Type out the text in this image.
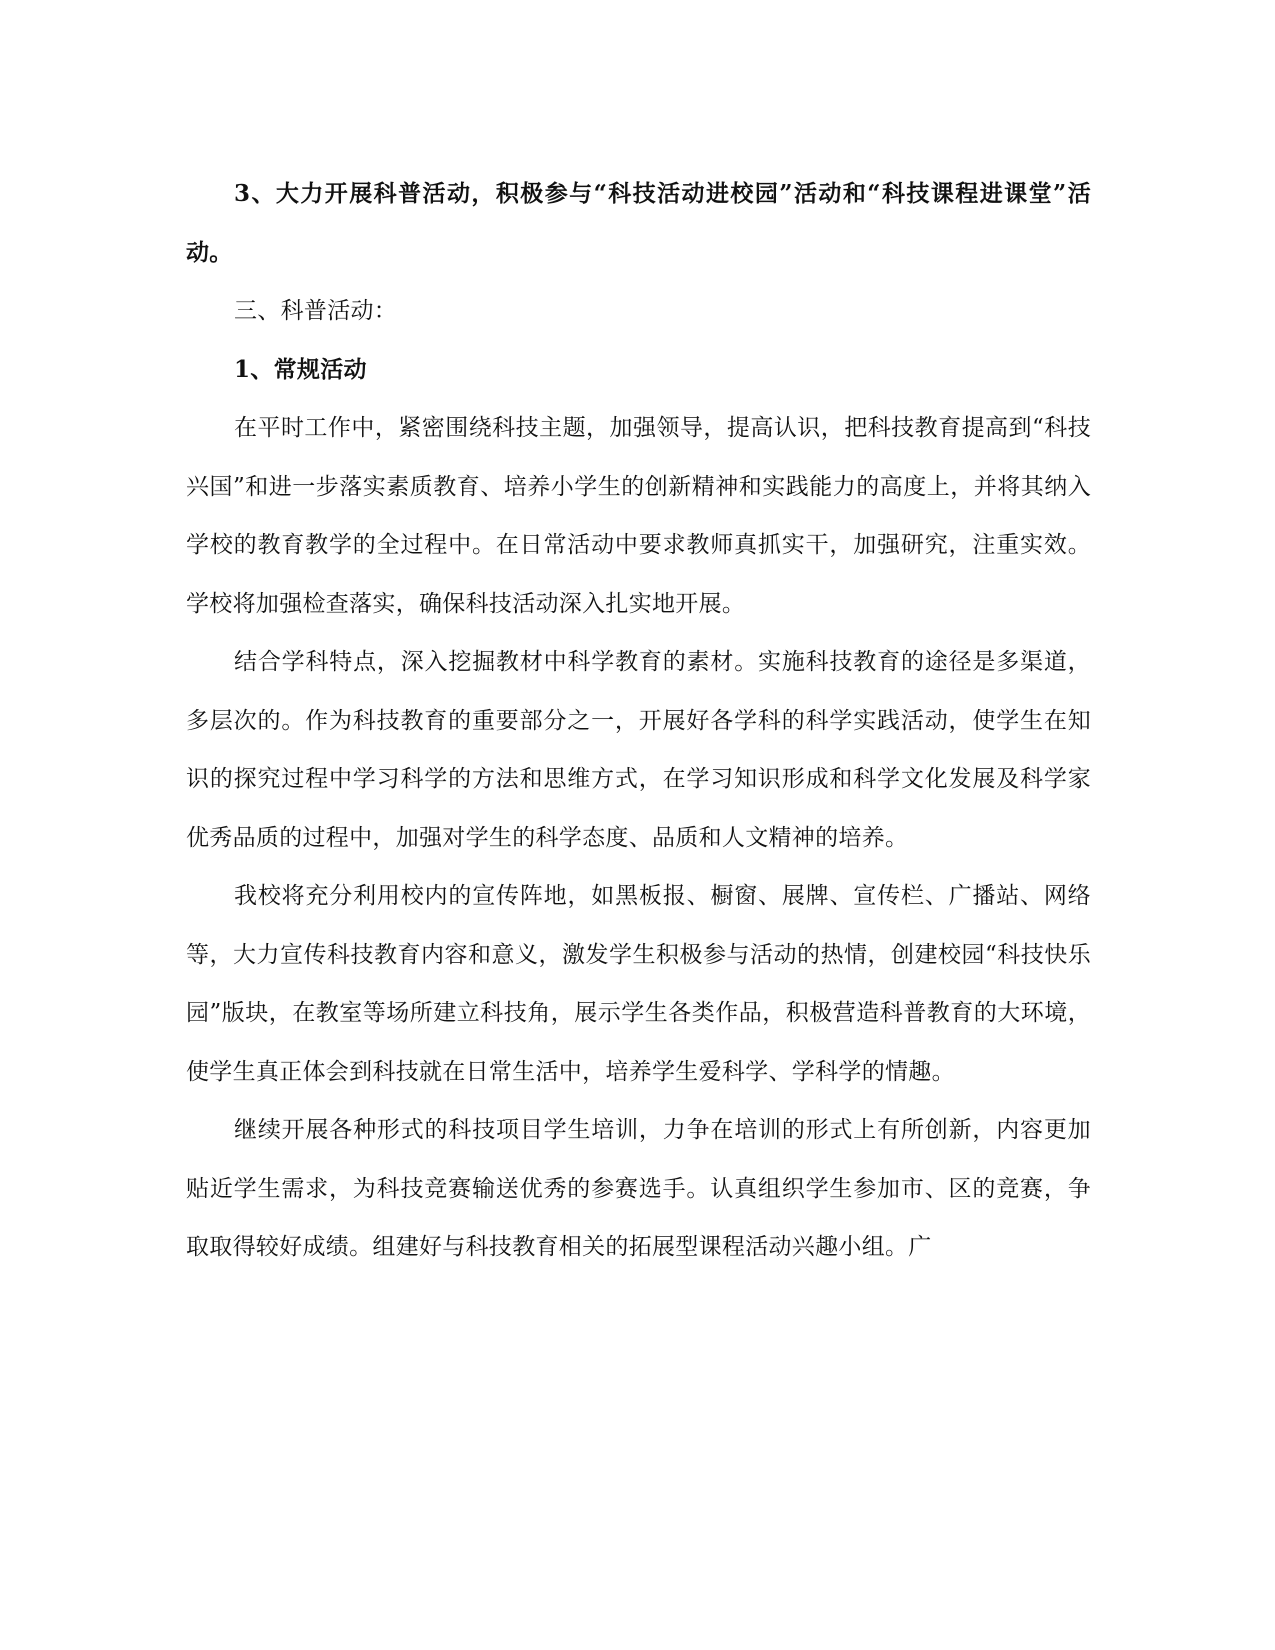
3、大力开展科普活动，积极参与“科技活动进校园”活动和“科技课程进课堂”活动。

三、科普活动：

1、常规活动

在平时工作中，紧密围绕科技主题，加强领导，提高认识，把科技教育提高到“科技兴国”和进一步落实素质教育、培养小学生的创新精神和实践能力的高度上，并将其纳入学校的教育教学的全过程中。在日常活动中要求教师真抓实干，加强研究，注重实效。学校将加强检查落实，确保科技活动深入扎实地开展。

结合学科特点，深入挖掘教材中科学教育的素材。实施科技教育的途径是多渠道，多层次的。作为科技教育的重要部分之一，开展好各学科的科学实践活动，使学生在知识的探究过程中学习科学的方法和思维方式，在学习知识形成和科学文化发展及科学家优秀品质的过程中，加强对学生的科学态度、品质和人文精神的培养。

我校将充分利用校内的宣传阵地，如黑板报、橱窗、展牌、宣传栏、广播站、网络等，大力宣传科技教育内容和意义，激发学生积极参与活动的热情，创建校园“科技快乐园”版块，在教室等场所建立科技角，展示学生各类作品，积极营造科普教育的大环境，使学生真正体会到科技就在日常生活中，培养学生爱科学、学科学的情趣。

继续开展各种形式的科技项目学生培训，力争在培训的形式上有所创新，内容更加贴近学生需求，为科技竞赛输送优秀的参赛选手。认真组织学生参加市、区的竞赛，争取取得较好成绩。组建好与科技教育相关的拓展型课程活动兴趣小组。广
